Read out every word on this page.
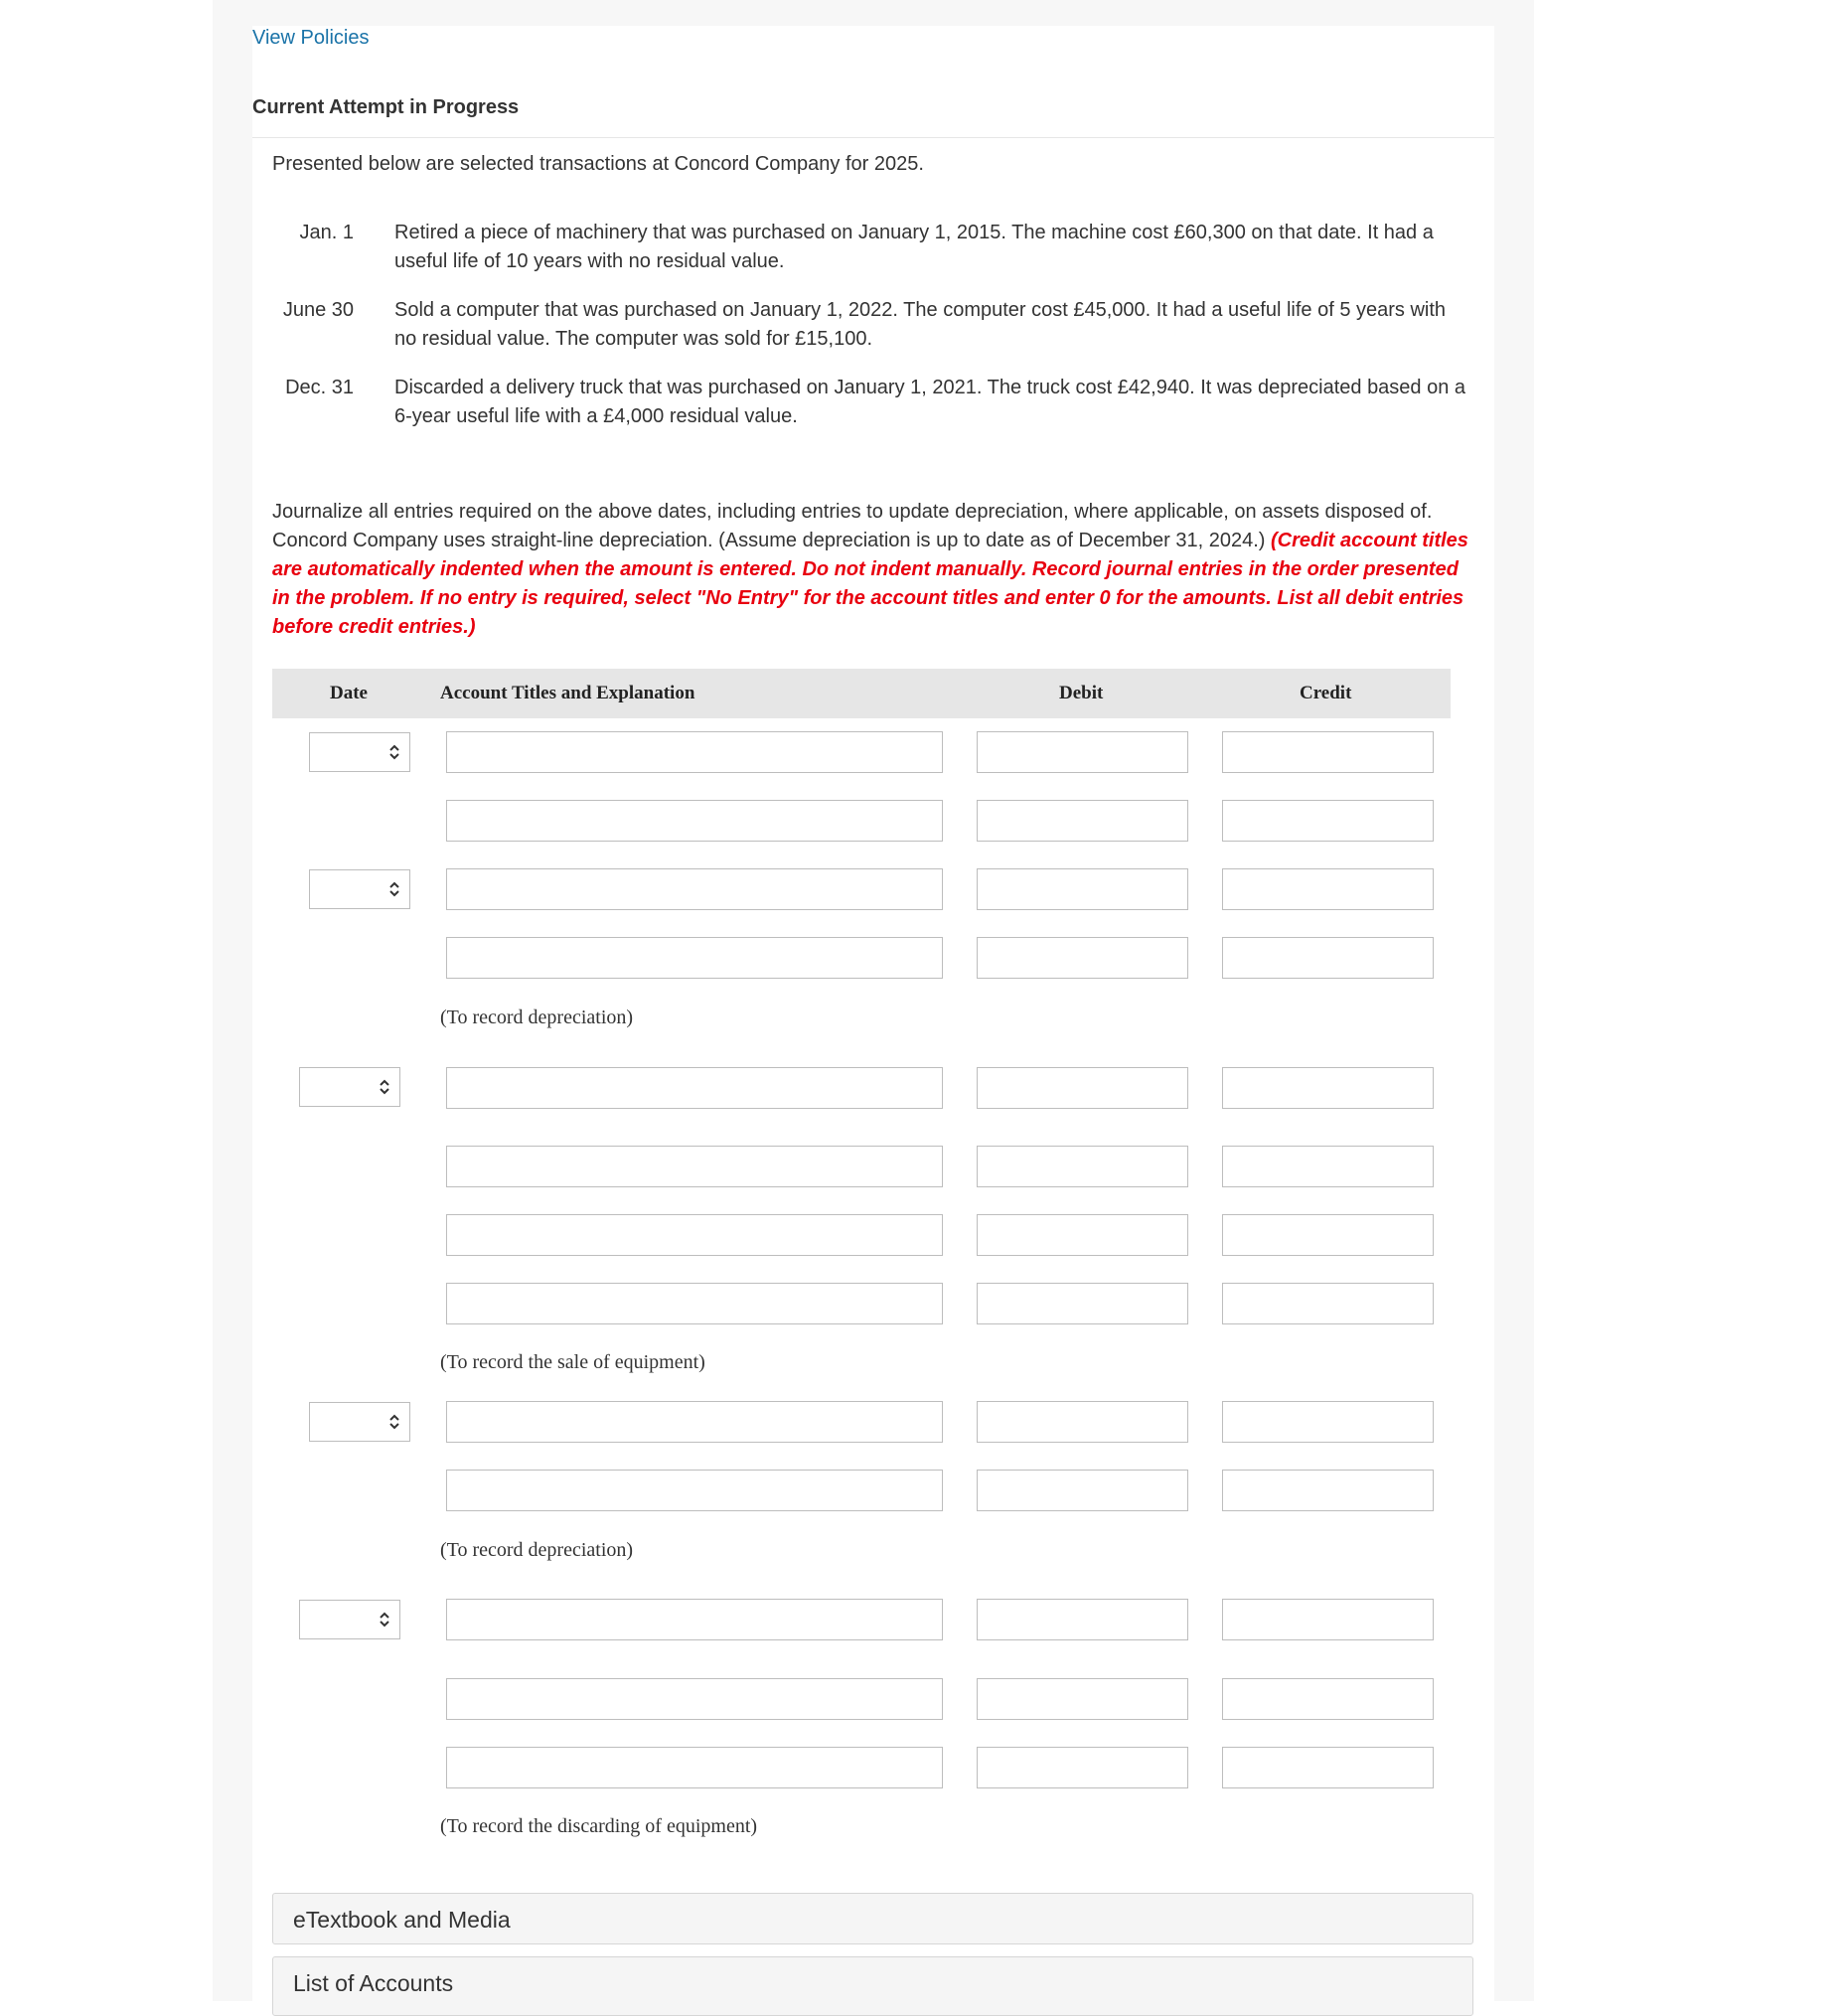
View Policies
Current Attempt in Progress
Presented below are selected transactions at Concord Company for 2025.
Jan. 1 Retired a piece of machinery that was purchased on January 1, 2015. The machine cost £60,300 on that date. It had a useful life of 10 years with no residual value.
June 30 Sold a computer that was purchased on January 1, 2022. The computer cost £45,000. It had a useful life of 5 years with no residual value. The computer was sold for £15,100.
Dec. 31 Discarded a delivery truck that was purchased on January 1, 2021. The truck cost £42,940. It was depreciated based on a 6-year useful life with a £4,000 residual value.
Journalize all entries required on the above dates, including entries to update depreciation, where applicable, on assets disposed of. Concord Company uses straight-line depreciation. (Assume depreciation is up to date as of December 31, 2024.) (Credit account titles are automatically indented when the amount is entered. Do not indent manually. Record journal entries in the order presented in the problem. If no entry is required, select "No Entry" for the account titles and enter 0 for the amounts. List all debit entries before credit entries.)
Date	Account Titles and Explanation	Debit	Credit
(To record depreciation)
(To record the sale of equipment)
(To record depreciation)
(To record the discarding of equipment)
eTextbook and Media
List of Accounts
